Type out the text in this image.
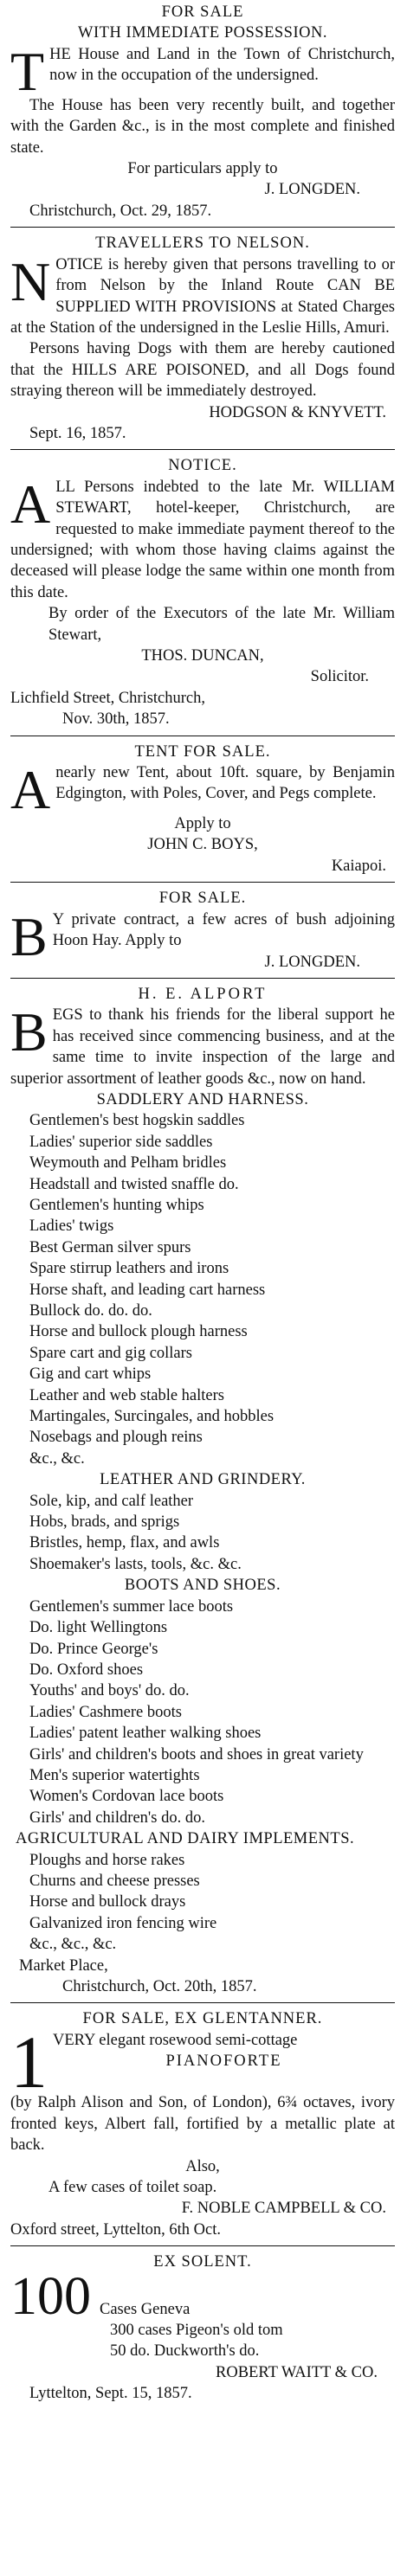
FOR SALE
WITH IMMEDIATE POSSESSION.
T HE House and Land in the Town of Christchurch, now in the occupation of the undersigned.

The House has been very recently built, and together with the Garden &c., is in the most complete and finished state.

For particulars apply to

J. LONGDEN.

Christchurch, Oct. 29, 1857.

TRAVELLERS TO NELSON.
N OTICE is hereby given that persons travelling to or from Nelson by the Inland Route CAN BE SUPPLIED WITH PROVISIONS at Stated Charges at the Station of the undersigned in the Leslie Hills, Amuri.

Persons having Dogs with them are hereby cautioned that the HILLS ARE POISONED, and all Dogs found straying thereon will be immediately destroyed.

HODGSON & KNYVETT.

Sept. 16, 1857.

NOTICE.
A LL Persons indebted to the late Mr. WILLIAM STEWART, hotel-keeper, Christchurch, are requested to make immediate payment thereof to the undersigned; with whom those having claims against the deceased will please lodge the same within one month from this date.

By order of the Executors of the late Mr. William Stewart,

THOS. DUNCAN,

Solicitor.

Lichfield Street, Christchurch,

Nov. 30th, 1857.

TENT FOR SALE.
A nearly new Tent, about 10ft. square, by Benjamin Edgington, with Poles, Cover, and Pegs complete.

Apply to

JOHN C. BOYS,

Kaiapoi.

FOR SALE.
B Y private contract, a few acres of bush adjoining Hoon Hay. Apply to

J. LONGDEN.

H. E. ALPORT
B EGS to thank his friends for the liberal support he has received since commencing business, and at the same time to invite inspection of the large and superior assortment of leather goods &c., now on hand.

SADDLERY AND HARNESS.

Gentlemen's best hogskin saddles

Ladies' superior side saddles

Weymouth and Pelham bridles

Headstall and twisted snaffle do.

Gentlemen's hunting whips

Ladies' twigs

Best German silver spurs

Spare stirrup leathers and irons

Horse shaft, and leading cart harness

Bullock do. do. do.

Horse and bullock plough harness

Spare cart and gig collars

Gig and cart whips

Leather and web stable halters

Martingales, Surcingales, and hobbles

Nosebags and plough reins

&c., &c.

LEATHER AND GRINDERY.

Sole, kip, and calf leather

Hobs, brads, and sprigs

Bristles, hemp, flax, and awls

Shoemaker's lasts, tools, &c. &c.

BOOTS AND SHOES.

Gentlemen's summer lace boots

Do. light Wellingtons

Do. Prince George's

Do. Oxford shoes

Youths' and boys' do. do.

Ladies' Cashmere boots

Ladies' patent leather walking shoes

Girls' and children's boots and shoes in great variety

Men's superior watertights

Women's Cordovan lace boots

Girls' and children's do. do.

AGRICULTURAL AND DAIRY IMPLEMENTS.

Ploughs and horse rakes

Churns and cheese presses

Horse and bullock drays

Galvanized iron fencing wire

&c., &c., &c.

Market Place,

Christchurch, Oct. 20th, 1857.

FOR SALE, EX GLENTANNER.
1 VERY elegant rosewood semi-cottage

PIANOFORTE

(by Ralph Alison and Son, of London), 6¾ octaves, ivory fronted keys, Albert fall, fortified by a metallic plate at back.

Also,

A few cases of toilet soap.

F. NOBLE CAMPBELL & CO.

Oxford street, Lyttelton, 6th Oct.

EX SOLENT.
100 Cases Geneva

300 cases Pigeon's old tom

50 do. Duckworth's do.

ROBERT WAITT & CO.

Lyttelton, Sept. 15, 1857.
